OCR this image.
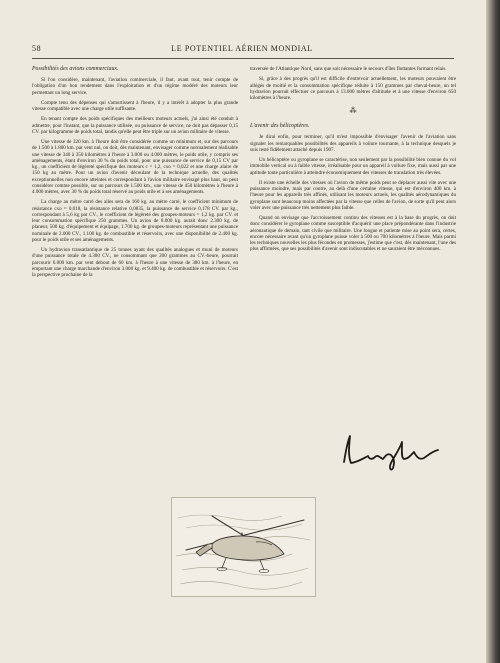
58	LE POTENTIEL AÉRIEN MONDIAL
Possibilités des avions commerciaux.

Si l'on considère, maintenant, l'aviation commerciale, il faut, avant tout, tenir compte de l'obligation d'un bon rendement dans l'exploitation et d'un régime modéré des moteurs leur permettant un long service.

Compte tenu des dépenses qui s'amortissent à l'heure, il y a intérêt à adopter la plus grande vitesse compatible avec une charge utile suffisante.

En tenant compte des poids spécifiques des meilleurs moteurs actuels, j'ai ainsi été conduit à admettre, pour l'instant, que la puissance utilisée, ou puissance de service, ne doit pas dépasser 0,15 CV. par kilogramme de poids total, tandis qu'elle peut être triple sur un avion militaire de vitesse.

Une vitesse de 320 km. à l'heure doit être considérée comme un minimum et, sur des parcours de 1.500 à 1.800 km. par vent nul, on doit, dès maintenant, envisager comme normalement réalisable une vitesse de 340 à 350 kilomètres à l'heure à 3.000 ou 4.000 mètres, le poids utile, y compris ses aménagements, étant d'environ 30 % du poids total, pour une puissance de service de 0,15 CV par kg., un coefficient de légèreté spécifique des moteurs c = 1,2, cxo = 0,022 et une charge alaire de 150 kg au mètre. Pour un avion d'avenir découlant de la technique actuelle, des qualités exceptionnelles non encore atteintes et correspondant à l'avion militaire envisagé plus haut, on peut considérer comme possible, sur un parcours de 1.500 km., une vitesse de 450 kilomètres à l'heure à 4.000 mètres, avec 30 % du poids total réservé au poids utile et à ses aménagements.

La charge au mètre carré des ailes sera de 160 kg. au mètre carré, le coefficient minimum de résistance cxo = 0,018, la résistance relative 0,0835, la puissance de service 0,178 CV. par kg., correspondant à 5,6 kg par CV., le coefficient de légèreté des groupes-moteurs = 1,2 kg. par CV. et leur consommation spécifique 250 grammes. Un avion de 8.000 kg. aurait donc 2.300 kg. de planeur, 500 kg. d'équipement et équipage, 1.700 kg. de groupes-moteurs représentant une puissance nominale de 2.000 CV., 1.100 kg. de combustible et réservoirs, avec une disponibilité de 2.400 kg. pour le poids utile et ses aménagements.

Un hydravion transatlantique de 25 tonnes ayant des qualités analogues et muni de moteurs d'une puissance totale de 4.300 CV., ne consommant que 200 grammes au CV.-heure, pourrait parcourir 6.000 km. par vent debout de 60 km. à l'heure à une vitesse de 380 km. à l'heure, en emportant une charge marchande d'environ 3.000 kg. et 9.400 kg. de combustible et réservoirs. C'est la perspective prochaine de la

traversée de l'Atlantique Nord, sans que soit nécessaire le secours d'îles flottantes formant relais.

Si, grâce à des progrès qu'il est difficile d'entrevoir actuellement, les moteurs pouvaient être allégés de moitié et la consommation spécifique réduite à 150 grammes par cheval-heure, un tel hydravion pourrait effectuer ce parcours à 13.000 mètres d'altitude et à une vitesse d'environ 650 kilomètres à l'heure.

⁂
L'avenir des hélicoptères.

Je dirai enfin, pour terminer, qu'il m'est impossible d'envisager l'avenir de l'aviation sans signaler les remarquables possibilités des appareils à voilure tournante, à la technique desquels je suis resté fidèlement attaché depuis 1907.

Un hélicoptère ou gyroplane se caractérise, non seulement par la possibilité bien connue du vol immobile vertical ou à faible vitesse, irréalisable pour un appareil à voilure fixe, mais aussi par une aptitude toute particulière à atteindre économiquement des vitesses de translation très élevées.

Il existe une échelle des vitesses où l'avion de même poids peut se déplacer aussi vite avec une puissance moindre, mais par contre, au delà d'une certaine vitesse, qui est d'environ 400 km. à l'heure pour les appareils très affinés, utilisant les moteurs actuels, les qualités aérodynamiques du gyroplane sont beaucoup moins affectées par la vitesse que celles de l'avion, de sorte qu'il peut alors voler avec une puissance très nettement plus faible.

Quand on envisage que l'accroissement continu des vitesses est à la base du progrès, on doit donc considérer le gyroplane comme susceptible d'acquérir une place prépondérante dans l'industrie aéronautique de demain, tant civile que militaire. Une longue et patiente mise au point sera, certes, encore nécessaire avant qu'un gyroplane puisse voler à 500 ou 700 kilomètres à l'heure. Mais parmi les techniques nouvelles les plus fécondes en promesses, j'estime que c'est, dès maintenant, l'une des plus affirmées, que ses possibilités d'avenir sont indiscutables et ne sauraient être méconnues.
